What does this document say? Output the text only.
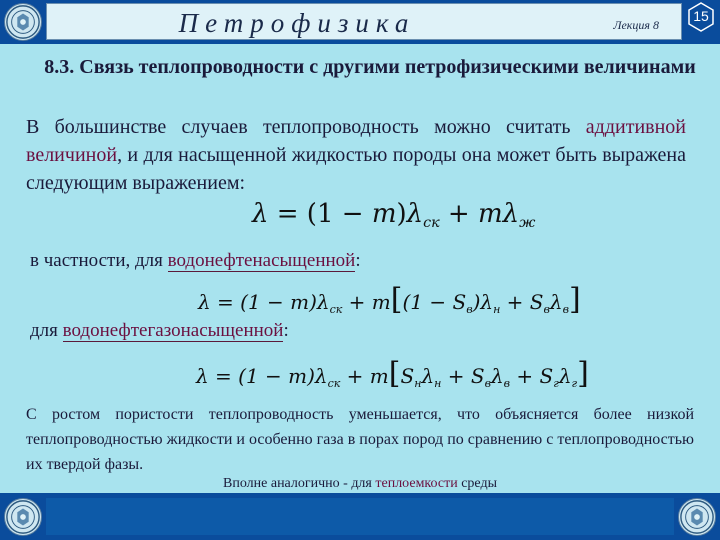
Петрофизика	Лекция 8
15
8.3. Связь теплопроводности с другими петрофизическими величинами
В большинстве случаев теплопроводность можно считать аддитивной величиной, и для насыщенной жидкостью породы она может быть выражена следующим выражением:
$\lambda = (1 - m)\lambda_{ск} + m\lambda_ж$
в частности, для водонефтенасыщенной:
$\lambda = (1 - m)\lambda_{ск} + m[(1 - S_в)\lambda_н + S_в\lambda_в]$
для водонефтегазонасыщенной:
$\lambda = (1 - m)\lambda_{ск} + m[S_н\lambda_н + S_в\lambda_в + S_г\lambda_г]$
С ростом пористости теплопроводность уменьшается, что объясняется более низкой теплопроводностью жидкости и особенно газа в порах пород по сравнению с теплопроводностью их твердой фазы.
Вполне аналогично - для теплоемкости среды
